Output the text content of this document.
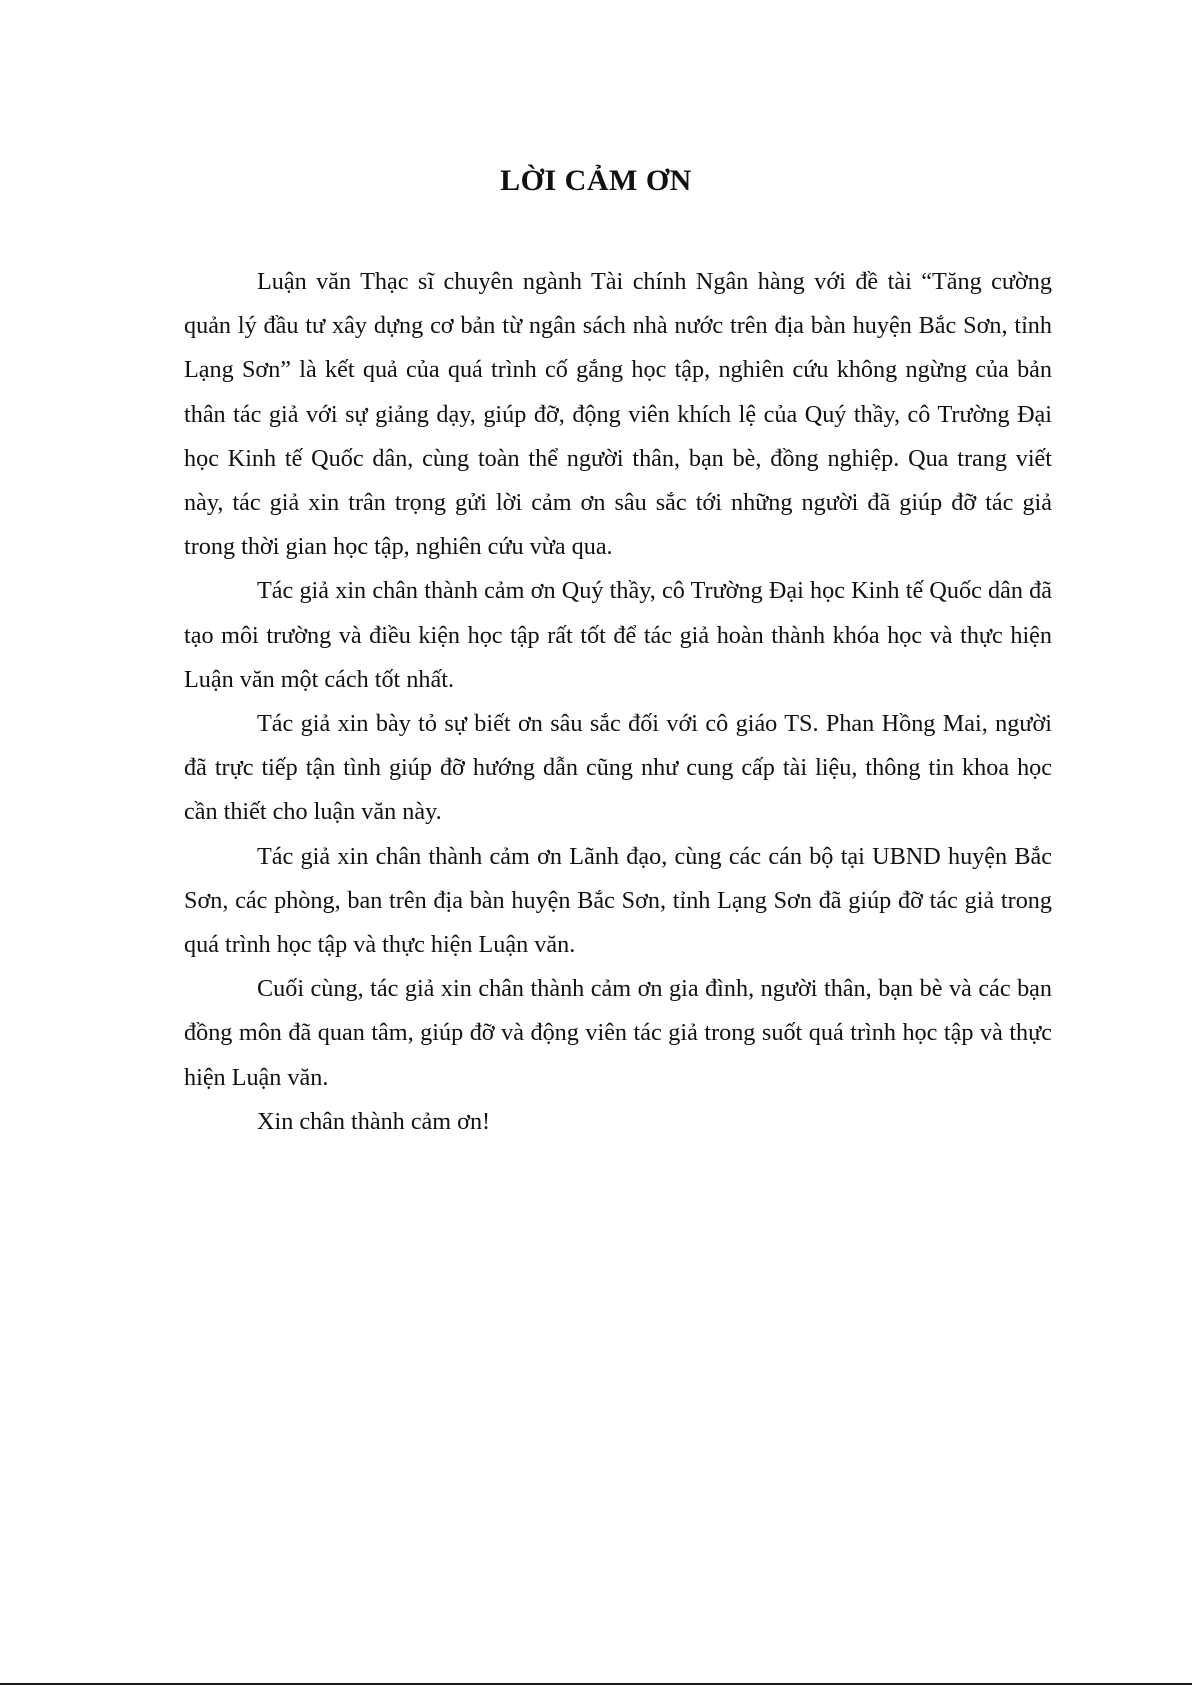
LỜI CẢM ƠN

Luận văn Thạc sĩ chuyên ngành Tài chính Ngân hàng với đề tài “Tăng cường quản lý đầu tư xây dựng cơ bản từ ngân sách nhà nước trên địa bàn huyện Bắc Sơn, tỉnh Lạng Sơn” là kết quả của quá trình cố gắng học tập, nghiên cứu không ngừng của bản thân tác giả với sự giảng dạy, giúp đỡ, động viên khích lệ của Quý thầy, cô Trường Đại học Kinh tế Quốc dân, cùng toàn thể người thân, bạn bè, đồng nghiệp. Qua trang viết này, tác giả xin trân trọng gửi lời cảm ơn sâu sắc tới những người đã giúp đỡ tác giả trong thời gian học tập, nghiên cứu vừa qua.

Tác giả xin chân thành cảm ơn Quý thầy, cô Trường Đại học Kinh tế Quốc dân đã tạo môi trường và điều kiện học tập rất tốt để tác giả hoàn thành khóa học và thực hiện Luận văn một cách tốt nhất.

Tác giả xin bày tỏ sự biết ơn sâu sắc đối với cô giáo TS. Phan Hồng Mai, người đã trực tiếp tận tình giúp đỡ hướng dẫn cũng như cung cấp tài liệu, thông tin khoa học cần thiết cho luận văn này.

Tác giả xin chân thành cảm ơn Lãnh đạo, cùng các cán bộ tại UBND huyện Bắc Sơn, các phòng, ban trên địa bàn huyện Bắc Sơn, tỉnh Lạng Sơn đã giúp đỡ tác giả trong quá trình học tập và thực hiện Luận văn.

Cuối cùng, tác giả xin chân thành cảm ơn gia đình, người thân, bạn bè và các bạn đồng môn đã quan tâm, giúp đỡ và động viên tác giả trong suốt quá trình học tập và thực hiện Luận văn.

Xin chân thành cảm ơn!
